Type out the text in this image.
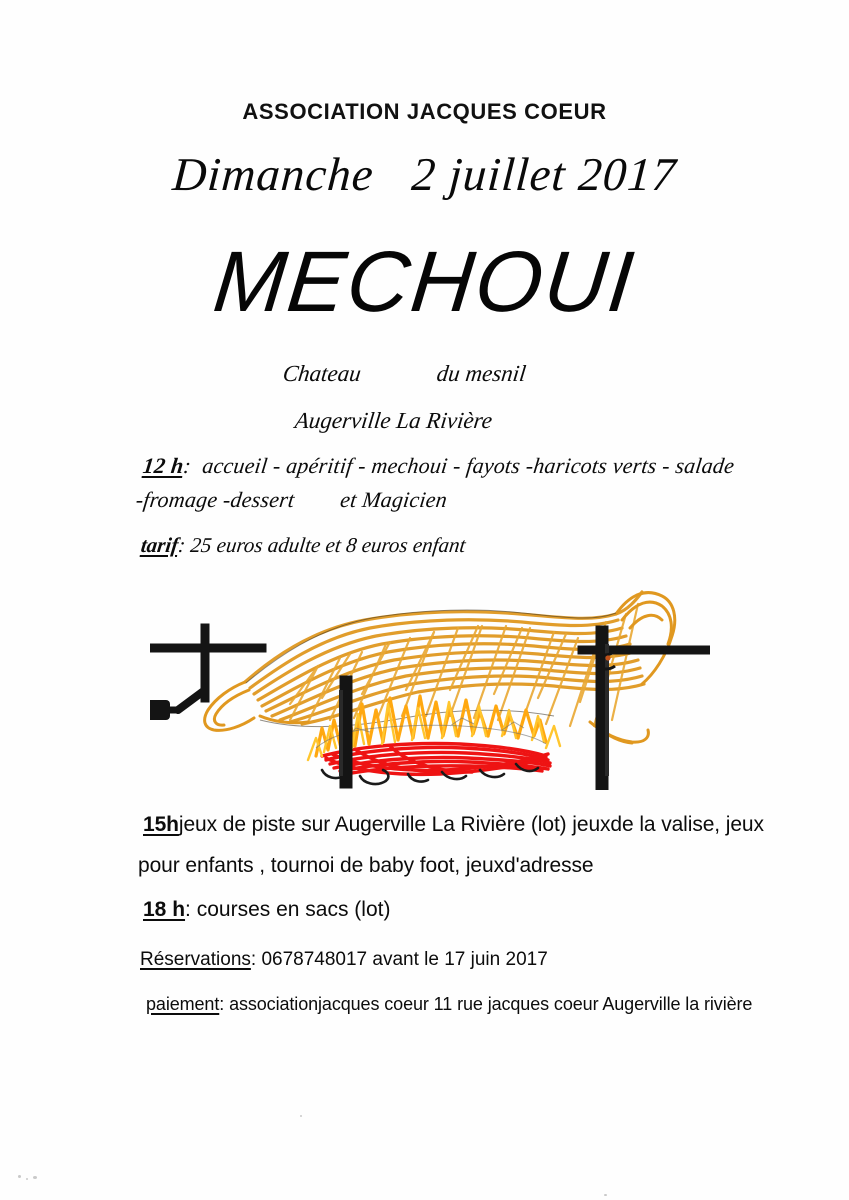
ASSOCIATION JACQUES COEUR
Dimanche 2 juillet 2017
MECHOUI
Chateau	du mesnil
Augerville La Rivière
12 h: accueil - apéritif - mechoui - fayots -haricots verts - salade
-fromage -dessert et Magicien
tarif: 25 euros adulte et 8 euros enfant
15hjeux de piste sur Augerville La Rivière (lot) jeuxde la valise, jeux
pour enfants , tournoi de baby foot, jeuxd'adresse
18 h: courses en sacs (lot)
Réservations: 0678748017 avant le 17 juin 2017
paiement: associationjacques coeur 11 rue jacques coeur Augerville la rivière
